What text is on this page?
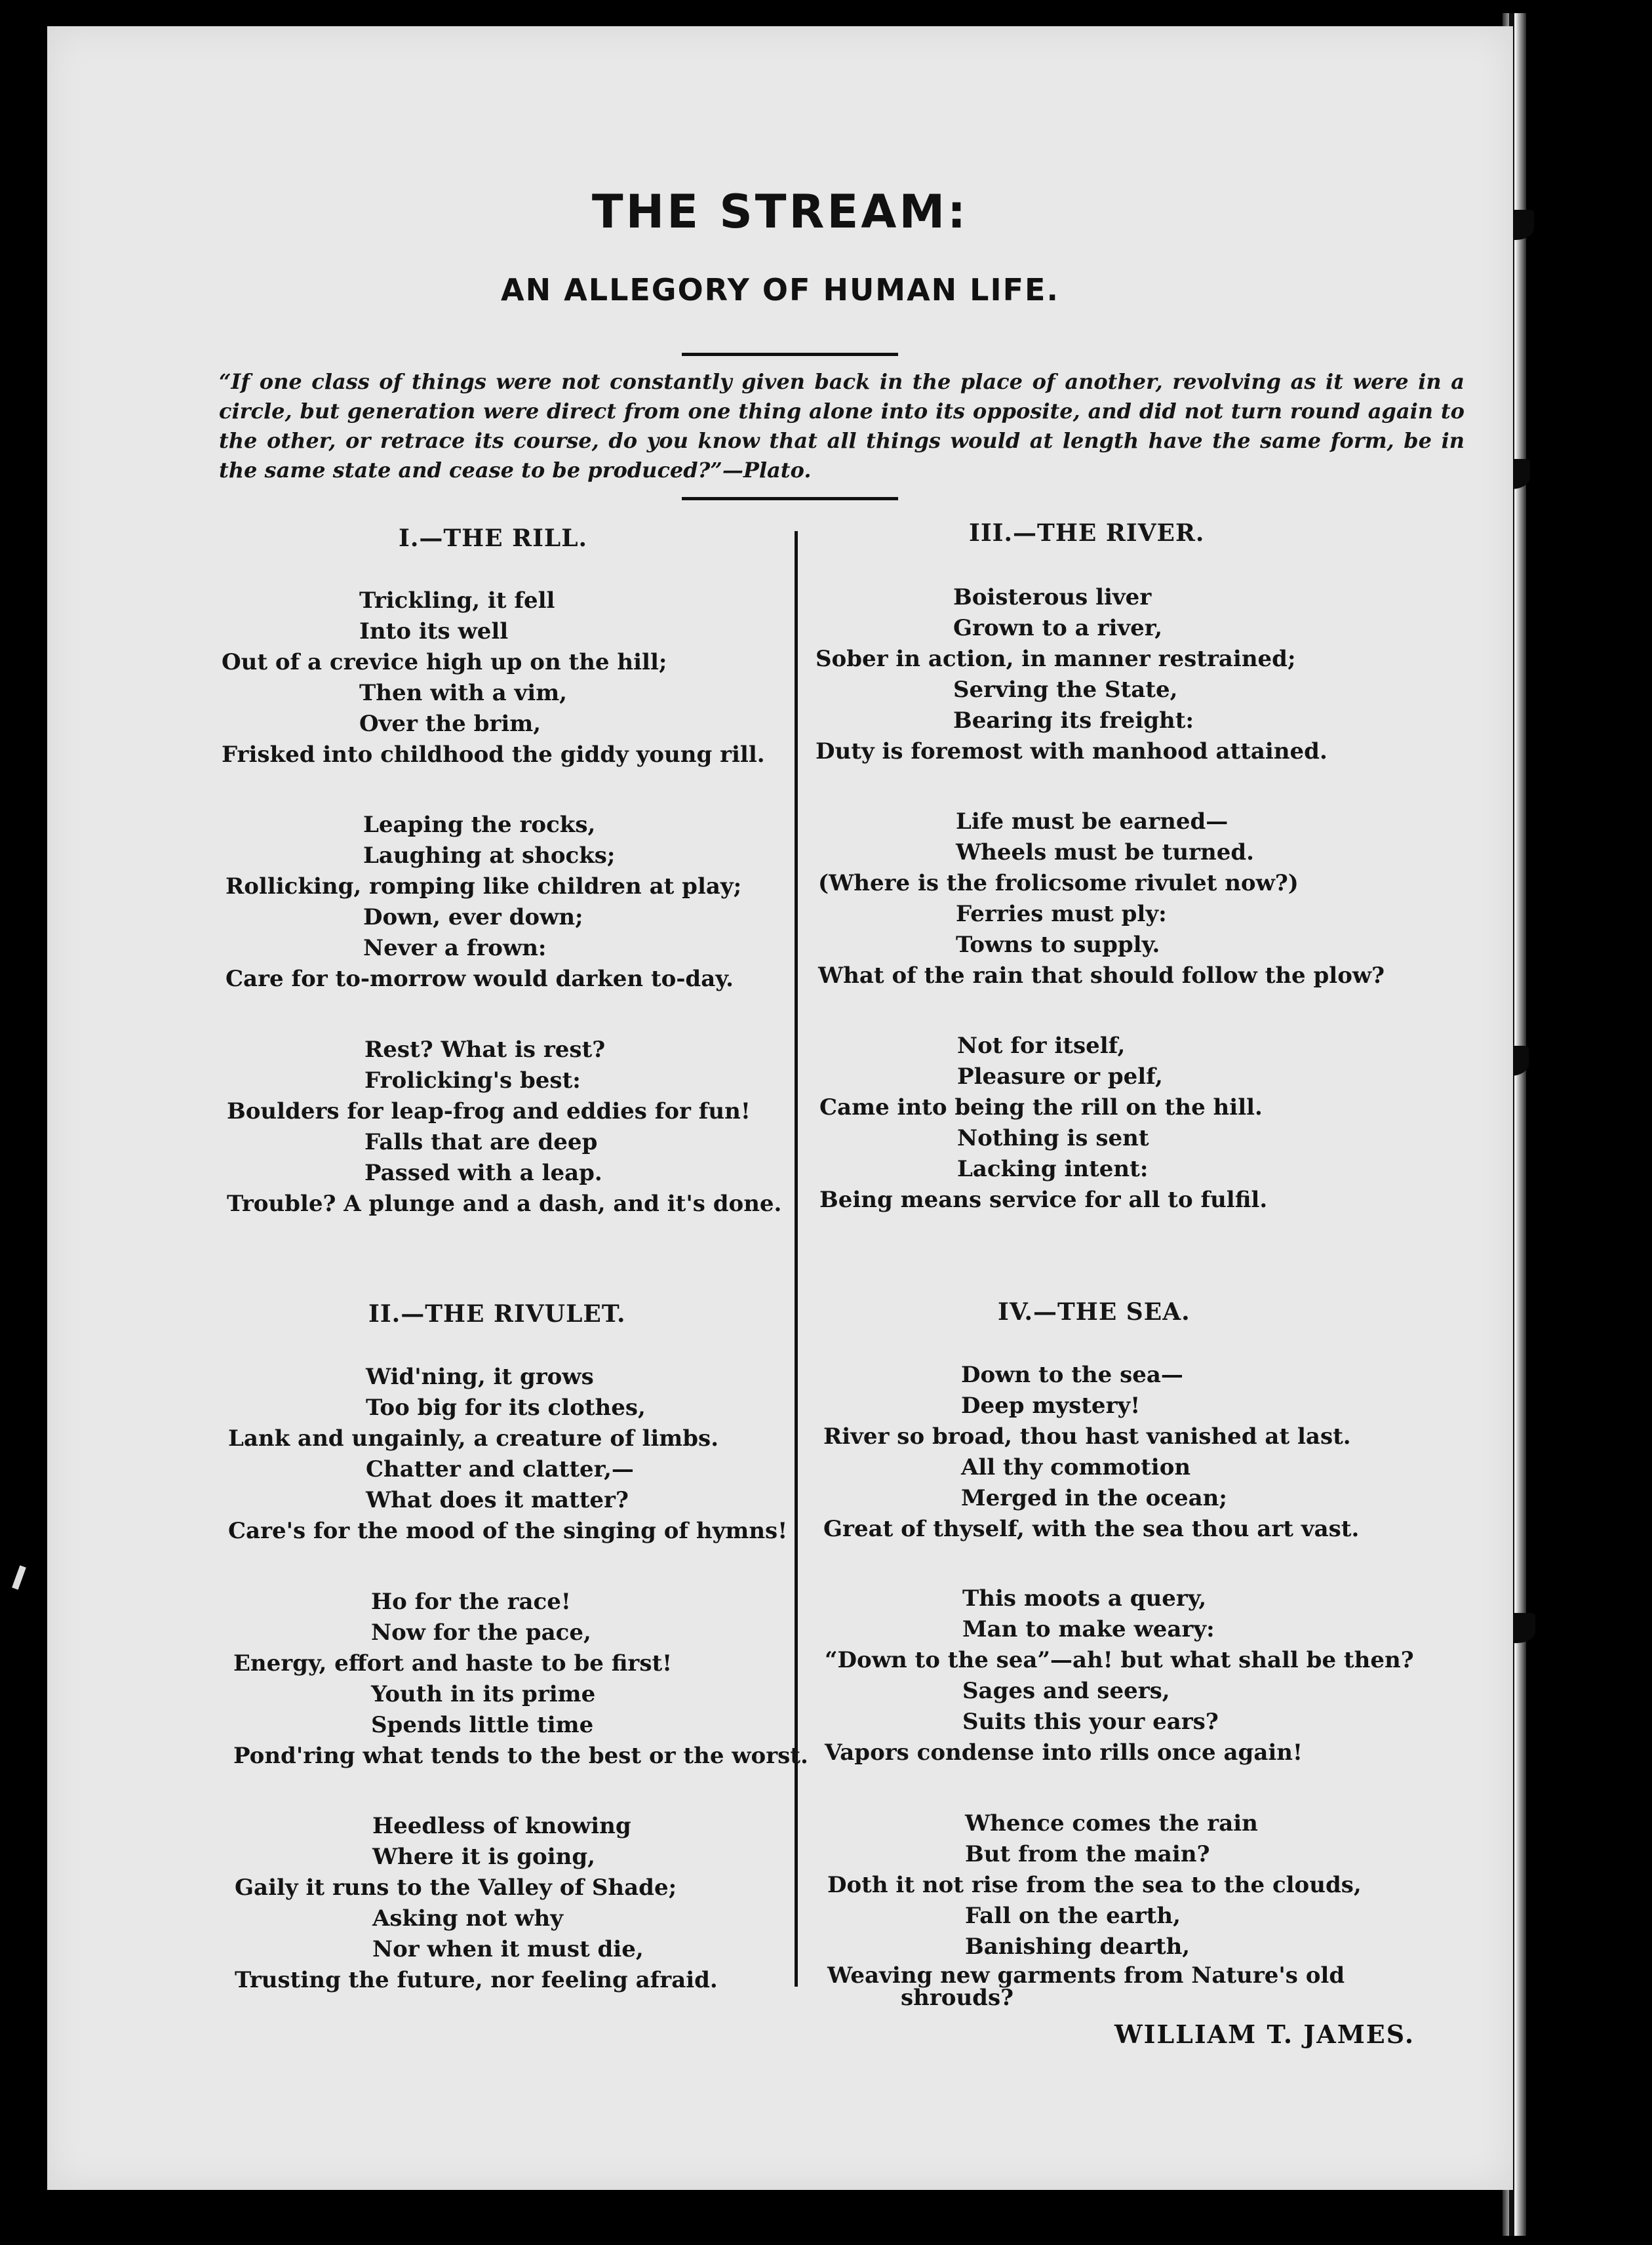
THE STREAM:
AN ALLEGORY OF HUMAN LIFE.
“If one class of things were not constantly given back in the place of another, revolving as it were in a circle, but generation were direct from one thing alone into its opposite, and did not turn round again to the other, or retrace its course, do you know that all things would at length have the same form, be in the same state and cease to be produced?”—Plato.
I.—THE RILL.
Trickling, it fell
Into its well
Out of a crevice high up on the hill;
Then with a vim,
Over the brim,
Frisked into childhood the giddy young rill.
Leaping the rocks,
Laughing at shocks;
Rollicking, romping like children at play;
Down, ever down;
Never a frown:
Care for to-morrow would darken to-day.
Rest? What is rest?
Frolicking's best:
Boulders for leap-frog and eddies for fun!
Falls that are deep
Passed with a leap.
Trouble? A plunge and a dash, and it's done.
II.—THE RIVULET.
Wid'ning, it grows
Too big for its clothes,
Lank and ungainly, a creature of limbs.
Chatter and clatter,—
What does it matter?
Care's for the mood of the singing of hymns!
Ho for the race!
Now for the pace,
Energy, effort and haste to be first!
Youth in its prime
Spends little time
Pond'ring what tends to the best or the worst.
Heedless of knowing
Where it is going,
Gaily it runs to the Valley of Shade;
Asking not why
Nor when it must die,
Trusting the future, nor feeling afraid.
III.—THE RIVER.
Boisterous liver
Grown to a river,
Sober in action, in manner restrained;
Serving the State,
Bearing its freight:
Duty is foremost with manhood attained.
Life must be earned—
Wheels must be turned.
(Where is the frolicsome rivulet now?)
Ferries must ply:
Towns to supply.
What of the rain that should follow the plow?
Not for itself,
Pleasure or pelf,
Came into being the rill on the hill.
Nothing is sent
Lacking intent:
Being means service for all to fulfil.
IV.—THE SEA.
Down to the sea—
Deep mystery!
River so broad, thou hast vanished at last.
All thy commotion
Merged in the ocean;
Great of thyself, with the sea thou art vast.
This moots a query,
Man to make weary:
“Down to the sea”—ah! but what shall be then?
Sages and seers,
Suits this your ears?
Vapors condense into rills once again!
Whence comes the rain
But from the main?
Doth it not rise from the sea to the clouds,
Fall on the earth,
Banishing dearth,
Weaving new garments from Nature's old
shrouds?
WILLIAM T. JAMES.
